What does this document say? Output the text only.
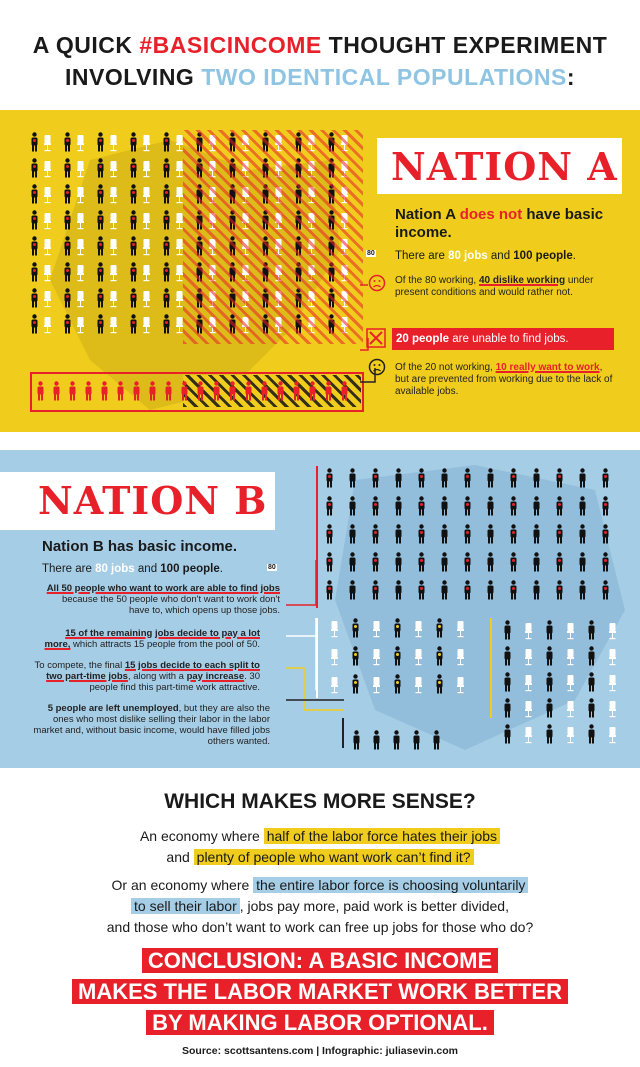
A QUICK #BASICINCOME THOUGHT EXPERIMENT
INVOLVING TWO IDENTICAL POPULATIONS:
NATION A
Nation A does not have basic income.
80 There are 80 jobs and 100 people.
Of the 80 working, 40 dislike working under present conditions and would rather not.
20 people are unable to find jobs.
Of the 20 not working, 10 really want to work, but are prevented from working due to the lack of available jobs.
NATION B
Nation B has basic income.
There are 80 jobs and 100 people.	80
All 50 people who want to work are able to find jobs because the 50 people who don't want to work don't have to, which opens up those jobs.
15 of the remaining jobs decide to pay a lot more, which attracts 15 people from the pool of 50.
To compete, the final 15 jobs decide to each split to two part-time jobs, along with a pay increase. 30 people find this part-time work attractive.
5 people are left unemployed, but they are also the ones who most dislike selling their labor in the labor market and, without basic income, would have filled jobs others wanted.
WHICH MAKES MORE SENSE?
An economy where half of the labor force hates their jobs
and plenty of people who want work can’t find it?
Or an economy where the entire labor force is choosing voluntarily
to sell their labor , jobs pay more, paid work is better divided,
and those who don’t want to work can free up jobs for those who do?
CONCLUSION: A BASIC INCOME
MAKES THE LABOR MARKET WORK BETTER
BY MAKING LABOR OPTIONAL.
Source: scottsantens.com | Infographic: juliasevin.com
